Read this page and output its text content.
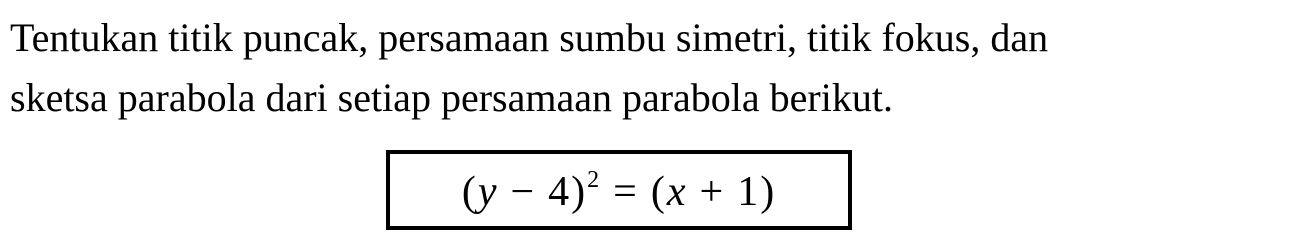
Tentukan titik puncak, persamaan sumbu simetri, titik fokus, dan
sketsa parabola dari setiap persamaan parabola berikut.
$(y - 4)^2 = (x + 1)$
